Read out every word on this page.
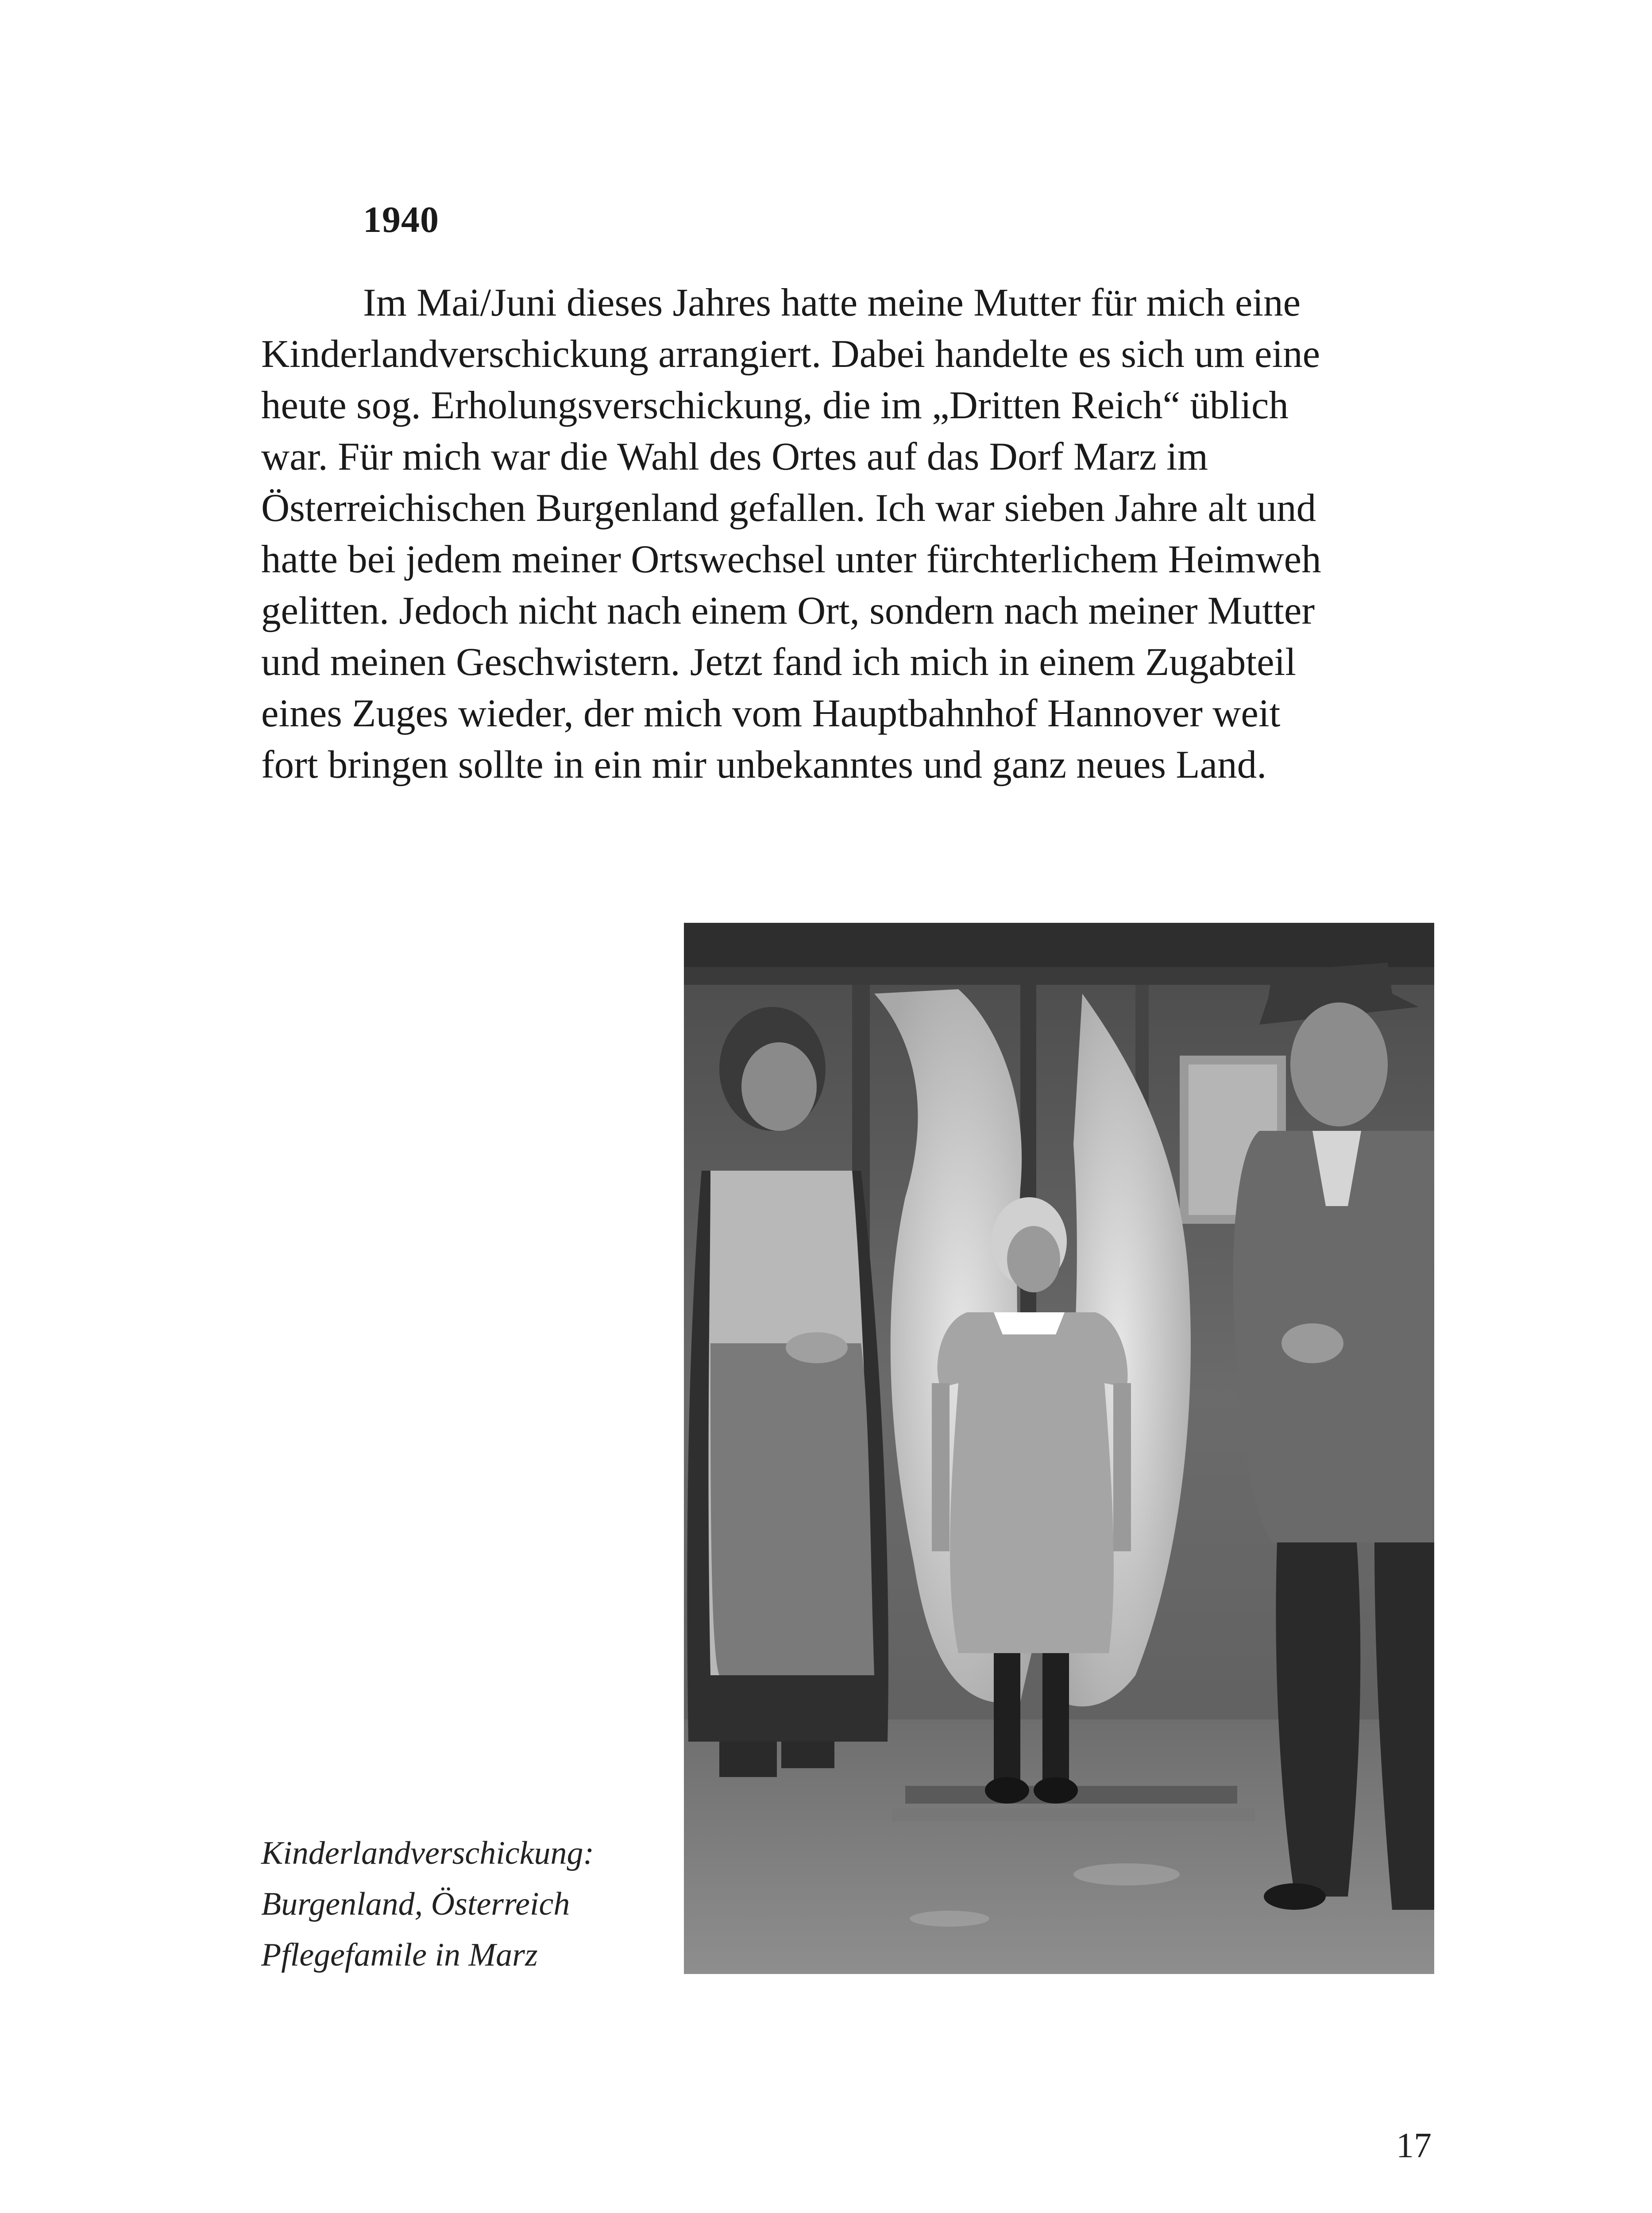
1940

Im Mai/Juni dieses Jahres hatte meine Mutter für mich eine
Kinderlandverschickung arrangiert. Dabei handelte es sich um eine
heute sog. Erholungsverschickung, die im „Dritten Reich“ üblich
war. Für mich war die Wahl des Ortes auf das Dorf Marz im
Österreichischen Burgenland gefallen. Ich war sieben Jahre alt und
hatte bei jedem meiner Ortswechsel unter fürchterlichem Heimweh
gelitten. Jedoch nicht nach einem Ort, sondern nach meiner Mutter
und meinen Geschwistern. Jetzt fand ich mich in einem Zugabteil
eines Zuges wieder, der mich vom Hauptbahnhof Hannover weit
fort bringen sollte in ein mir unbekanntes und ganz neues Land.

Kinderlandverschickung:
Burgenland, Österreich
Pflegefamile in Marz

17
